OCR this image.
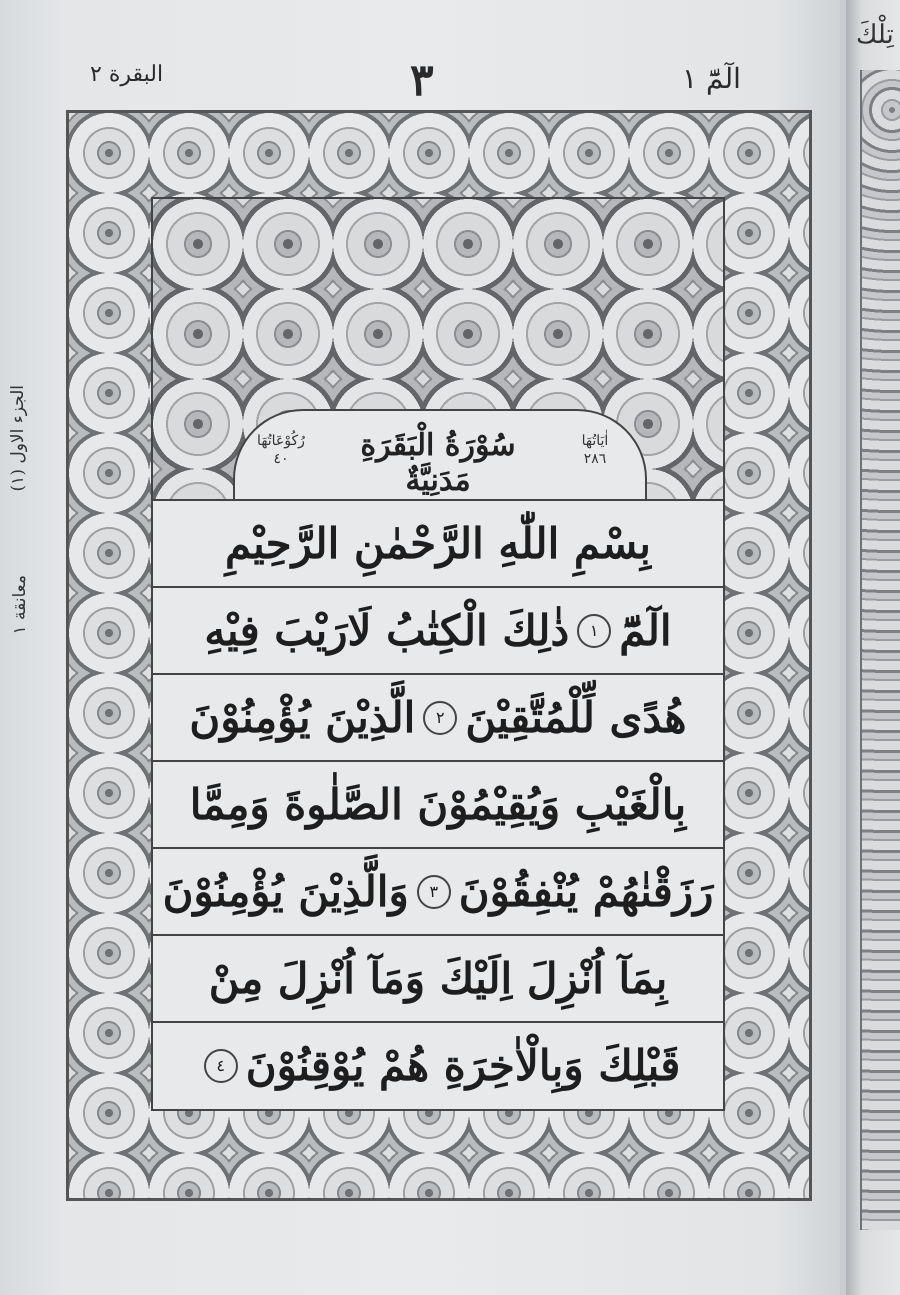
البقرة ٢	٣	الٓمّٓ ١
الجزء الاول (١)
معانقة ١
اٰيَاتُهَا
٢٨٦
سُوْرَةُ الْبَقَرَةِ مَدَنِيَّةٌ
رُكُوْعَاتُهَا
٤٠
بِسْمِ اللّٰهِ الرَّحْمٰنِ الرَّحِيْمِ
الٓمّٓ
١
ذٰلِكَ الْكِتٰبُ لَارَيْبَ فِيْهِ
هُدًى لِّلْمُتَّقِيْنَ
٢
الَّذِيْنَ يُؤْمِنُوْنَ
بِالْغَيْبِ وَيُقِيْمُوْنَ الصَّلٰوةَ وَمِمَّا
رَزَقْنٰهُمْ يُنْفِقُوْنَ
٣
وَالَّذِيْنَ يُؤْمِنُوْنَ
بِمَآ اُنْزِلَ اِلَيْكَ وَمَآ اُنْزِلَ مِنْ
قَبْلِكَ وَبِالْاٰخِرَةِ هُمْ يُوْقِنُوْنَ
٤
تِلْكَ
